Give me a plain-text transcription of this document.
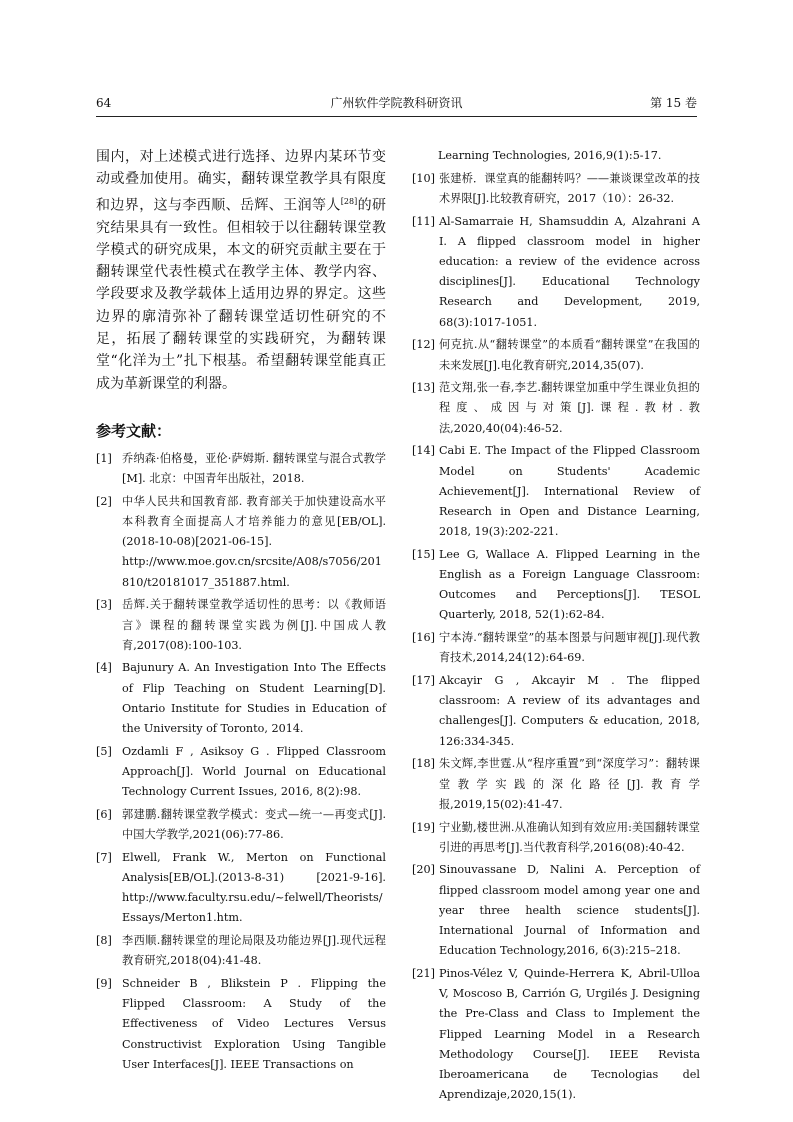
64	广州软件学院教科研资讯	第 15 卷

围内，对上述模式进行选择、边界内某环节变动或叠加使用。确实，翻转课堂教学具有限度和边界，这与李西顺、岳辉、王润等人[28]的研究结果具有一致性。但相较于以往翻转课堂教学模式的研究成果，本文的研究贡献主要在于翻转课堂代表性模式在教学主体、教学内容、学段要求及教学载体上适用边界的界定。这些边界的廓清弥补了翻转课堂适切性研究的不足，拓展了翻转课堂的实践研究，为翻转课堂“化洋为土”扎下根基。希望翻转课堂能真正成为革新课堂的利器。

参考文献：
[1] 乔纳森·伯格曼，亚伦·萨姆斯. 翻转课堂与混合式教学[M]. 北京：中国青年出版社，2018.
[2] 中华人民共和国教育部. 教育部关于加快建设高水平本科教育全面提高人才培养能力的意见[EB/OL]. (2018-10-08)[2021-06-15]. http://www.moe.gov.cn/srcsite/A08/s7056/201810/t20181017_351887.html.
[3] 岳辉.关于翻转课堂教学适切性的思考：以《教师语言》课程的翻转课堂实践为例[J].中国成人教育,2017(08):100-103.
[4] Bajunury A. An Investigation Into The Effects of Flip Teaching on Student Learning[D]. Ontario Institute for Studies in Education of the University of Toronto, 2014.
[5] Ozdamli F , Asiksoy G . Flipped Classroom Approach[J]. World Journal on Educational Technology Current Issues, 2016, 8(2):98.
[6] 郭建鹏.翻转课堂教学模式：变式—统一—再变式[J].中国大学教学,2021(06):77-86.
[7] Elwell, Frank W., Merton on Functional Analysis[EB/OL].(2013-8-31) [2021-9-16]. http://www.faculty.rsu.edu/~felwell/Theorists/Essays/Merton1.htm.
[8] 李西顺.翻转课堂的理论局限及功能边界[J].现代远程教育研究,2018(04):41-48.
[9] Schneider B , Blikstein P . Flipping the Flipped Classroom: A Study of the Effectiveness of Video Lectures Versus Constructivist Exploration Using Tangible User Interfaces[J]. IEEE Transactions on
Learning Technologies, 2016,9(1):5-17.
[10] 张建桥．课堂真的能翻转吗？——兼谈课堂改革的技术界限[J].比较教育研究，2017（10）：26-32.
[11] Al-Samarraie H, Shamsuddin A, Alzahrani A I. A flipped classroom model in higher education: a review of the evidence across disciplines[J]. Educational Technology Research and Development, 2019, 68(3):1017-1051.
[12] 何克抗.从“翻转课堂”的本质看“翻转课堂”在我国的未来发展[J].电化教育研究,2014,35(07).
[13] 范文翔,张一春,李艺.翻转课堂加重中学生课业负担的程度、成因与对策[J].课程.教材.教法,2020,40(04):46-52.
[14] Cabi E. The Impact of the Flipped Classroom Model on Students' Academic Achievement[J]. International Review of Research in Open and Distance Learning, 2018, 19(3):202-221.
[15] Lee G, Wallace A. Flipped Learning in the English as a Foreign Language Classroom: Outcomes and Perceptions[J]. TESOL Quarterly, 2018, 52(1):62-84.
[16] 宁本涛.“翻转课堂”的基本图景与问题审视[J].现代教育技术,2014,24(12):64-69.
[17] Akcayir G , Akcayir M . The flipped classroom: A review of its advantages and challenges[J]. Computers & education, 2018, 126:334-345.
[18] 朱文辉,李世霆.从“程序重置”到“深度学习”：翻转课堂教学实践的深化路径[J].教育学报,2019,15(02):41-47.
[19] 宁业勤,楼世洲.从准确认知到有效应用:美国翻转课堂引进的再思考[J].当代教育科学,2016(08):40-42.
[20] Sinouvassane D, Nalini A. Perception of flipped classroom model among year one and year three health science students[J]. International Journal of Information and Education Technology,2016, 6(3):215–218.
[21] Pinos-Vélez V, Quinde-Herrera K, Abril-Ulloa V, Moscoso B, Carrión G, Urgilés J. Designing the Pre-Class and Class to Implement the Flipped Learning Model in a Research Methodology Course[J]. IEEE Revista Iberoamericana de Tecnologias del Aprendizaje,2020,15(1).
